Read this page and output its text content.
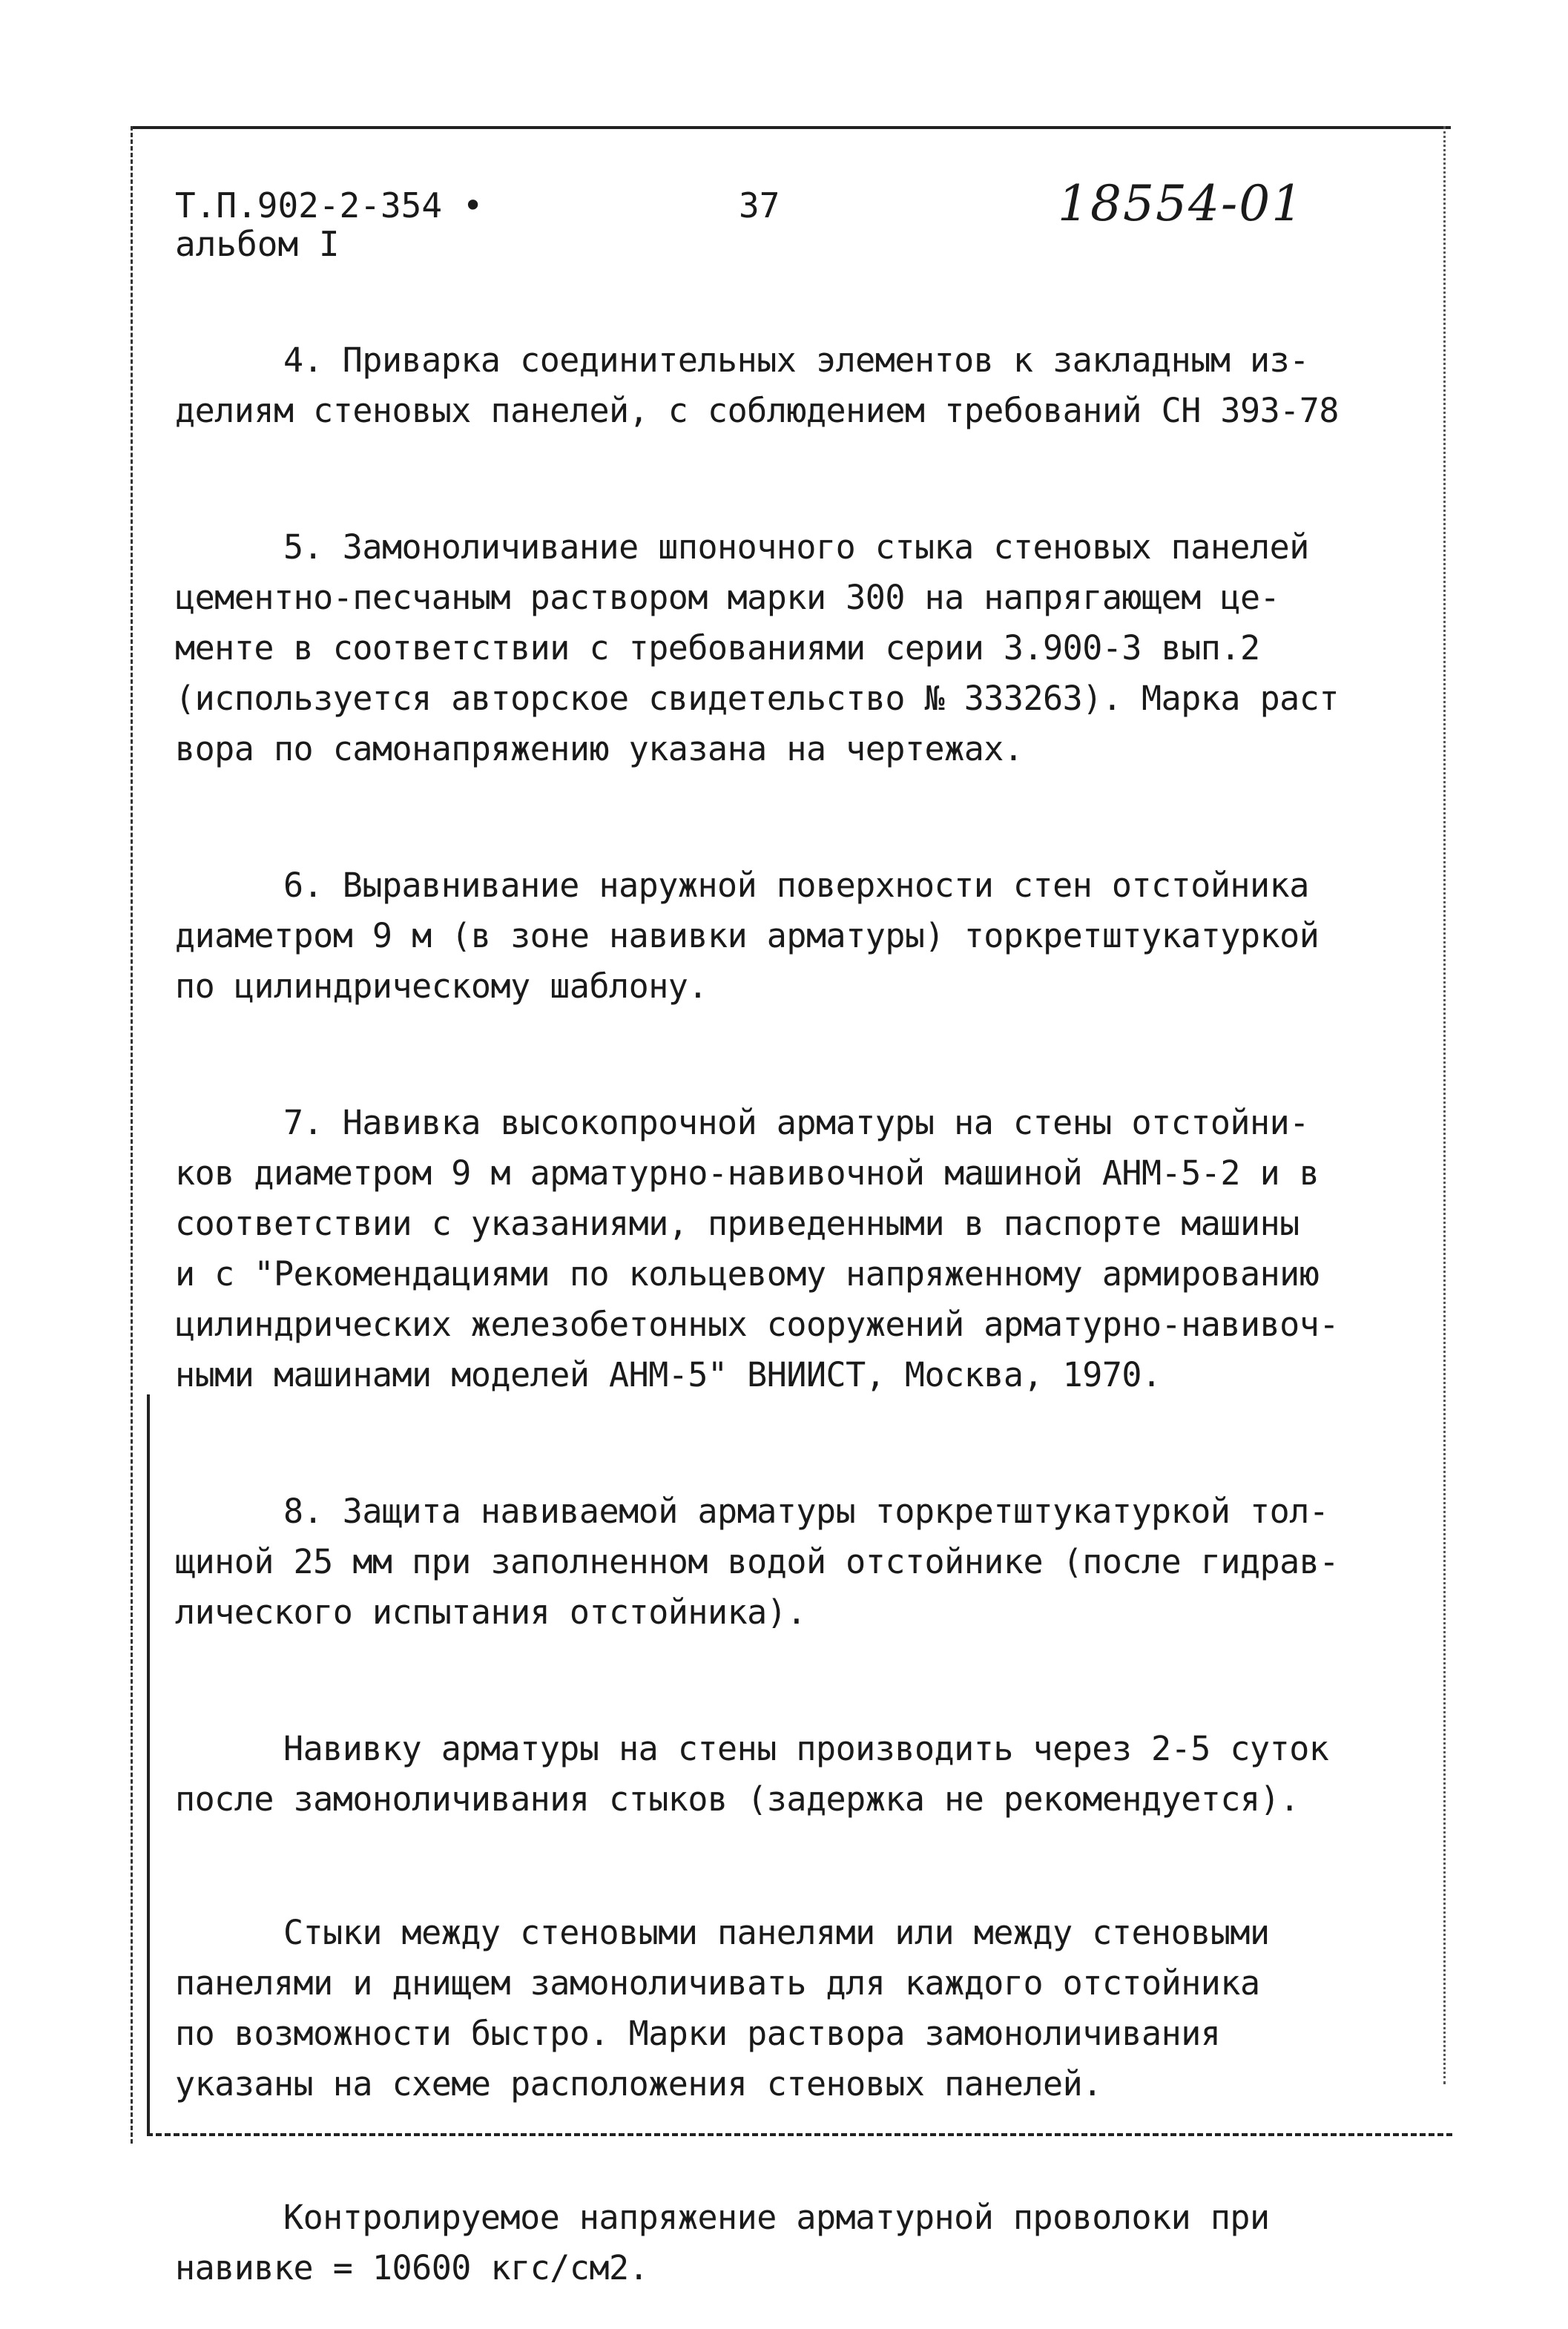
Т.П.902-2-354 •
альбом I
37	18554-01

4. Приварка соединительных элементов к закладным из-
делиям стеновых панелей, с соблюдением требований СН 393-78

5. Замоноличивание шпоночного стыка стеновых панелей
цементно-песчаным раствором марки 300 на напрягающем це-
менте в соответствии с требованиями серии 3.900-3 вып.2
(используется авторское свидетельство № 333263). Марка раст
вора по самонапряжению указана на чертежах.

6. Выравнивание наружной поверхности стен отстойника
диаметром 9 м (в зоне навивки арматуры) торкретштукатуркой
по цилиндрическому шаблону.

7. Навивка высокопрочной арматуры на стены отстойни-
ков диаметром 9 м арматурно-навивочной машиной АНМ-5-2 и в
соответствии с указаниями, приведенными в паспорте машины
и с "Рекомендациями по кольцевому напряженному армированию
цилиндрических железобетонных сооружений арматурно-навивоч-
ными машинами моделей АНМ-5" ВНИИСТ, Москва, 1970.

8. Защита навиваемой арматуры торкретштукатуркой тол-
щиной 25 мм при заполненном водой отстойнике (после гидрав-
лического испытания отстойника).

Навивку арматуры на стены производить через 2-5 суток
после замоноличивания стыков (задержка не рекомендуется).

Стыки между стеновыми панелями или между стеновыми
панелями и днищем замоноличивать для каждого отстойника
по возможности быстро. Марки раствора замоноличивания
указаны на схеме расположения стеновых панелей.

Контролируемое напряжение арматурной проволоки при
навивке = 10600 кгс/см2.
